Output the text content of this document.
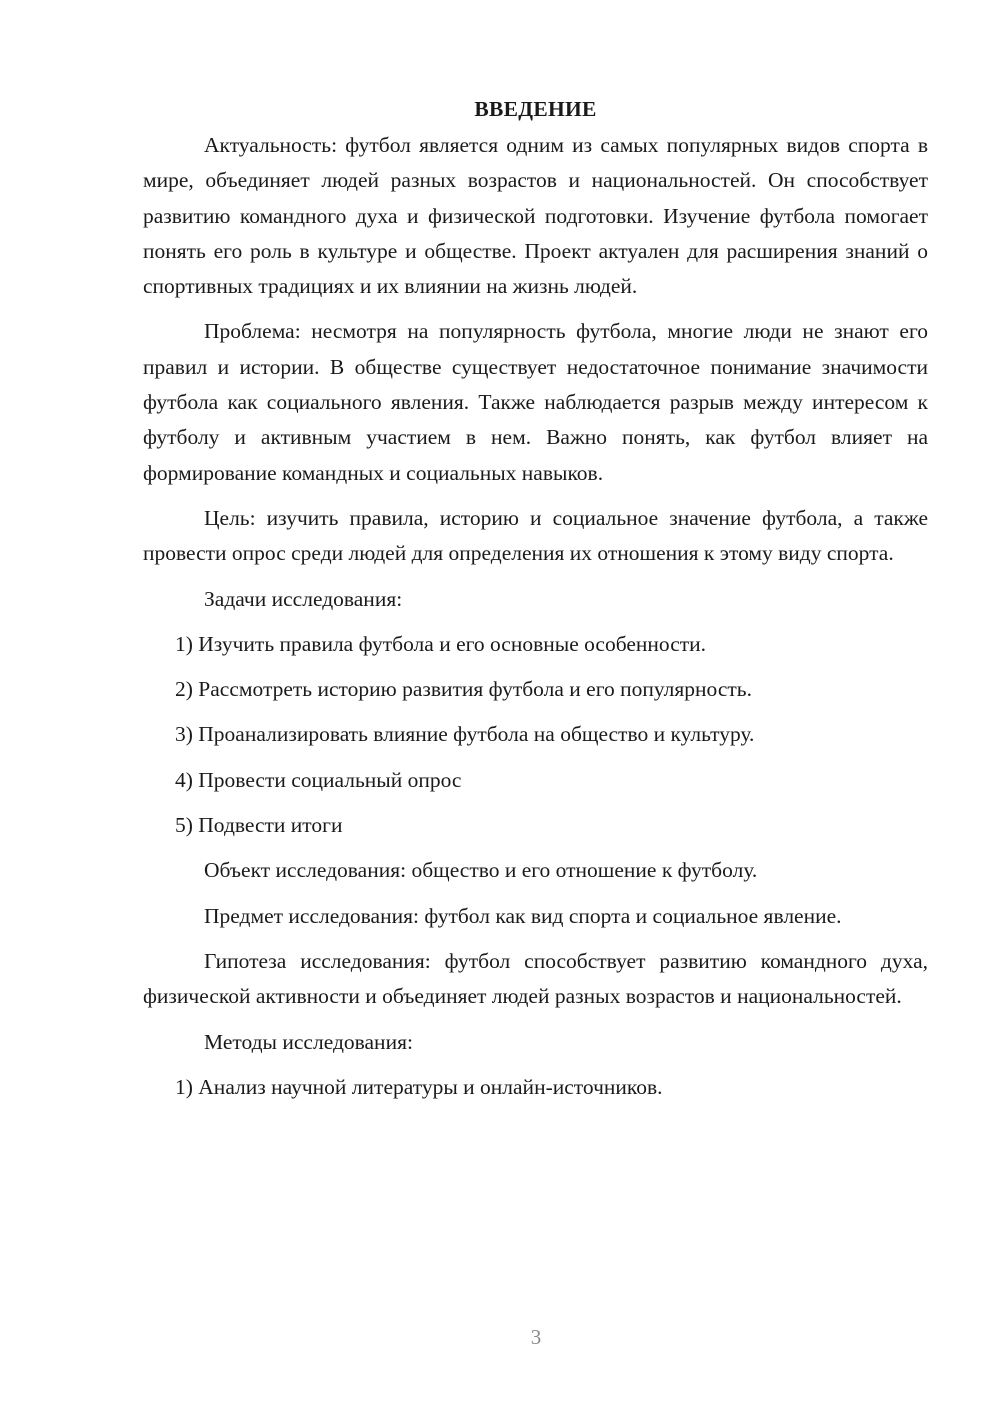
ВВЕДЕНИЕ

Актуальность: футбол является одним из самых популярных видов спорта в мире, объединяет людей разных возрастов и национальностей. Он способствует развитию командного духа и физической подготовки. Изучение футбола помогает понять его роль в культуре и обществе. Проект актуален для расширения знаний о спортивных традициях и их влиянии на жизнь людей.

Проблема: несмотря на популярность футбола, многие люди не знают его правил и истории. В обществе существует недостаточное понимание значимости футбола как социального явления. Также наблюдается разрыв между интересом к футболу и активным участием в нем. Важно понять, как футбол влияет на формирование командных и социальных навыков.

Цель: изучить правила, историю и социальное значение футбола, а также провести опрос среди людей для определения их отношения к этому виду спорта.

Задачи исследования:

1) Изучить правила футбола и его основные особенности.

2) Рассмотреть историю развития футбола и его популярность.

3) Проанализировать влияние футбола на общество и культуру.

4) Провести социальный опрос

5) Подвести итоги

Объект исследования: общество и его отношение к футболу.

Предмет исследования: футбол как вид спорта и социальное явление.

Гипотеза исследования: футбол способствует развитию командного духа, физической активности и объединяет людей разных возрастов и национальностей.

Методы исследования:

1) Анализ научной литературы и онлайн-источников.

3
